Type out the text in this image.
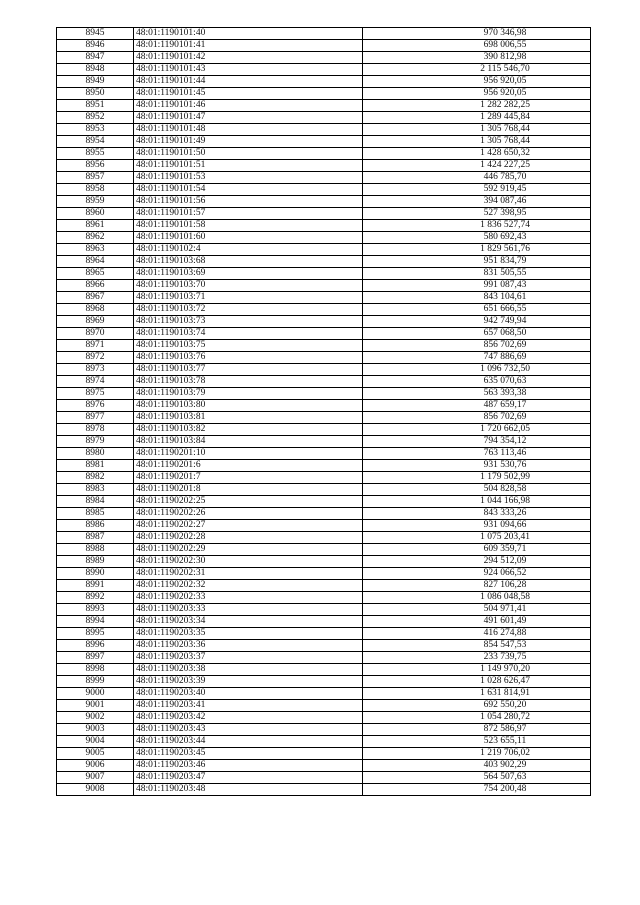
8945	48:01:1190101:40	970 346,98
8946	48:01:1190101:41	698 006,55
8947	48:01:1190101:42	390 812,98
8948	48:01:1190101:43	2 115 546,70
8949	48:01:1190101:44	956 920,05
8950	48:01:1190101:45	956 920,05
8951	48:01:1190101:46	1 282 282,25
8952	48:01:1190101:47	1 289 445,84
8953	48:01:1190101:48	1 305 768,44
8954	48:01:1190101:49	1 305 768,44
8955	48:01:1190101:50	1 428 650,32
8956	48:01:1190101:51	1 424 227,25
8957	48:01:1190101:53	446 785,70
8958	48:01:1190101:54	592 919,45
8959	48:01:1190101:56	394 087,46
8960	48:01:1190101:57	527 398,95
8961	48:01:1190101:58	1 836 527,74
8962	48:01:1190101:60	580 692,43
8963	48:01:1190102:4	1 829 561,76
8964	48:01:1190103:68	951 834,79
8965	48:01:1190103:69	831 505,55
8966	48:01:1190103:70	991 087,43
8967	48:01:1190103:71	843 104,61
8968	48:01:1190103:72	651 666,55
8969	48:01:1190103:73	942 749,94
8970	48:01:1190103:74	657 068,50
8971	48:01:1190103:75	856 702,69
8972	48:01:1190103:76	747 886,69
8973	48:01:1190103:77	1 096 732,50
8974	48:01:1190103:78	635 070,63
8975	48:01:1190103:79	563 393,38
8976	48:01:1190103:80	487 659,17
8977	48:01:1190103:81	856 702,69
8978	48:01:1190103:82	1 720 662,05
8979	48:01:1190103:84	794 354,12
8980	48:01:1190201:10	763 113,46
8981	48:01:1190201:6	931 530,76
8982	48:01:1190201:7	1 179 502,99
8983	48:01:1190201:8	504 828,58
8984	48:01:1190202:25	1 044 166,98
8985	48:01:1190202:26	843 333,26
8986	48:01:1190202:27	931 094,66
8987	48:01:1190202:28	1 075 203,41
8988	48:01:1190202:29	609 359,71
8989	48:01:1190202:30	294 512,09
8990	48:01:1190202:31	924 066,52
8991	48:01:1190202:32	827 106,28
8992	48:01:1190202:33	1 086 048,58
8993	48:01:1190203:33	504 971,41
8994	48:01:1190203:34	491 601,49
8995	48:01:1190203:35	416 274,88
8996	48:01:1190203:36	854 547,53
8997	48:01:1190203:37	233 739,75
8998	48:01:1190203:38	1 149 970,20
8999	48:01:1190203:39	1 028 626,47
9000	48:01:1190203:40	1 631 814,91
9001	48:01:1190203:41	692 550,20
9002	48:01:1190203:42	1 054 280,72
9003	48:01:1190203:43	872 586,97
9004	48:01:1190203:44	523 655,11
9005	48:01:1190203:45	1 219 706,02
9006	48:01:1190203:46	403 902,29
9007	48:01:1190203:47	564 507,63
9008	48:01:1190203:48	754 200,48
